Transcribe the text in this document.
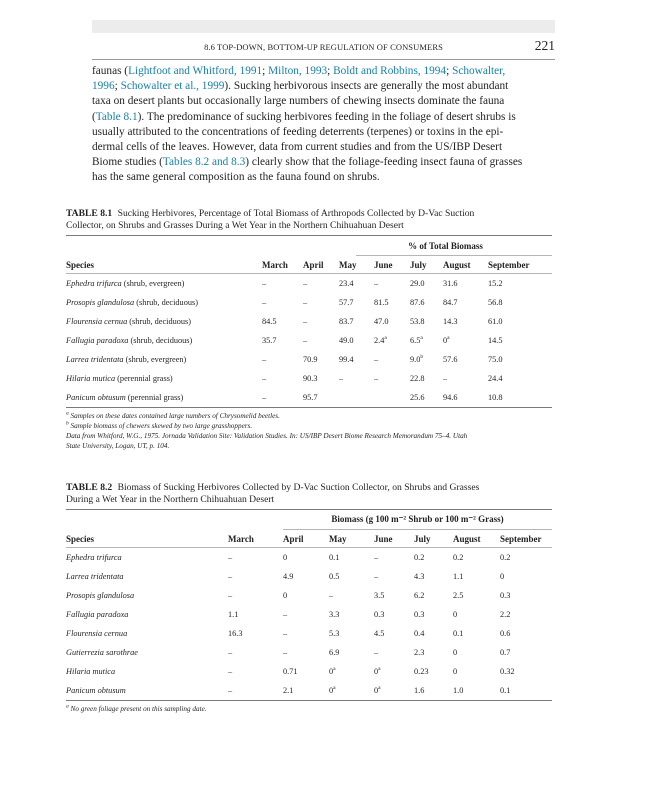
8.6 TOP-DOWN, BOTTOM-UP REGULATION OF CONSUMERS	221
faunas (Lightfoot and Whitford, 1991; Milton, 1993; Boldt and Robbins, 1994; Schowalter,
1996; Schowalter et al., 1999). Sucking herbivorous insects are generally the most abundant
taxa on desert plants but occasionally large numbers of chewing insects dominate the fauna
(Table 8.1). The predominance of sucking herbivores feeding in the foliage of desert shrubs is
usually attributed to the concentrations of feeding deterrents (terpenes) or toxins in the epi-
dermal cells of the leaves. However, data from current studies and from the US/IBP Desert
Biome studies (Tables 8.2 and 8.3) clearly show that the foliage-feeding insect fauna of grasses
has the same general composition as the fauna found on shrubs.
TABLE 8.1 Sucking Herbivores, Percentage of Total Biomass of Arthropods Collected by D-Vac Suction
Collector, on Shrubs and Grasses During a Wet Year in the Northern Chihuahuan Desert
			% of Total Biomass				

Species	March	April	May	June	July	August	September

Ephedra trifurca (shrub, evergreen)	–	–	23.4	–	29.0	31.6	15.2
Prosopis glandulosa (shrub, deciduous)	–	–	57.7	81.5	87.6	84.7	56.8
Flourensia cernua (shrub, deciduous)	84.5	–	83.7	47.0	53.8	14.3	61.0
Fallugia paradoxa (shrub, deciduous)	35.7	–	49.0	2.4$^a$	6.5$^a$	0$^a$	14.5
Larrea tridentata (shrub, evergreen)	–	70.9	99.4	–	9.0$^b$	57.6	75.0
Hilaria mutica (perennial grass)	–	90.3	–	–	22.8	–	24.4
Panicum obtusum (perennial grass)	–	95.7			25.6	94.6	10.8
$^a$ Samples on these dates contained large numbers of Chrysomelid beetles.
$^b$ Sample biomass of chewers skewed by two large grasshoppers.
Data from Whitford, W.G., 1975. Jornada Validation Site: Validation Studies. In: US/IBP Desert Biome Research Memorandum 75–4. Utah
State University, Logan, UT, p. 104.
TABLE 8.2 Biomass of Sucking Herbivores Collected by D-Vac Suction Collector, on Shrubs and Grasses
During a Wet Year in the Northern Chihuahuan Desert
		Biomass (g 100 m⁻² Shrub or 100 m⁻² Grass)					

Species	March	April	May	June	July	August	September

Ephedra trifurca	–	0	0.1	–	0.2	0.2	0.2
Larrea tridentata	–	4.9	0.5	–	4.3	1.1	0
Prosopis glandulosa	–	0	–	3.5	6.2	2.5	0.3
Fallugia paradoxa	1.1	–	3.3	0.3	0.3	0	2.2
Flourensia cernua	16.3	–	5.3	4.5	0.4	0.1	0.6
Gutierrezia sarothrae	–	–	6.9	–	2.3	0	0.7
Hilaria mutica	–	0.71	0$^a$	0$^a$	0.23	0	0.32
Panicum obtusum	–	2.1	0$^a$	0$^a$	1.6	1.0	0.1
$^a$ No green foliage present on this sampling date.
